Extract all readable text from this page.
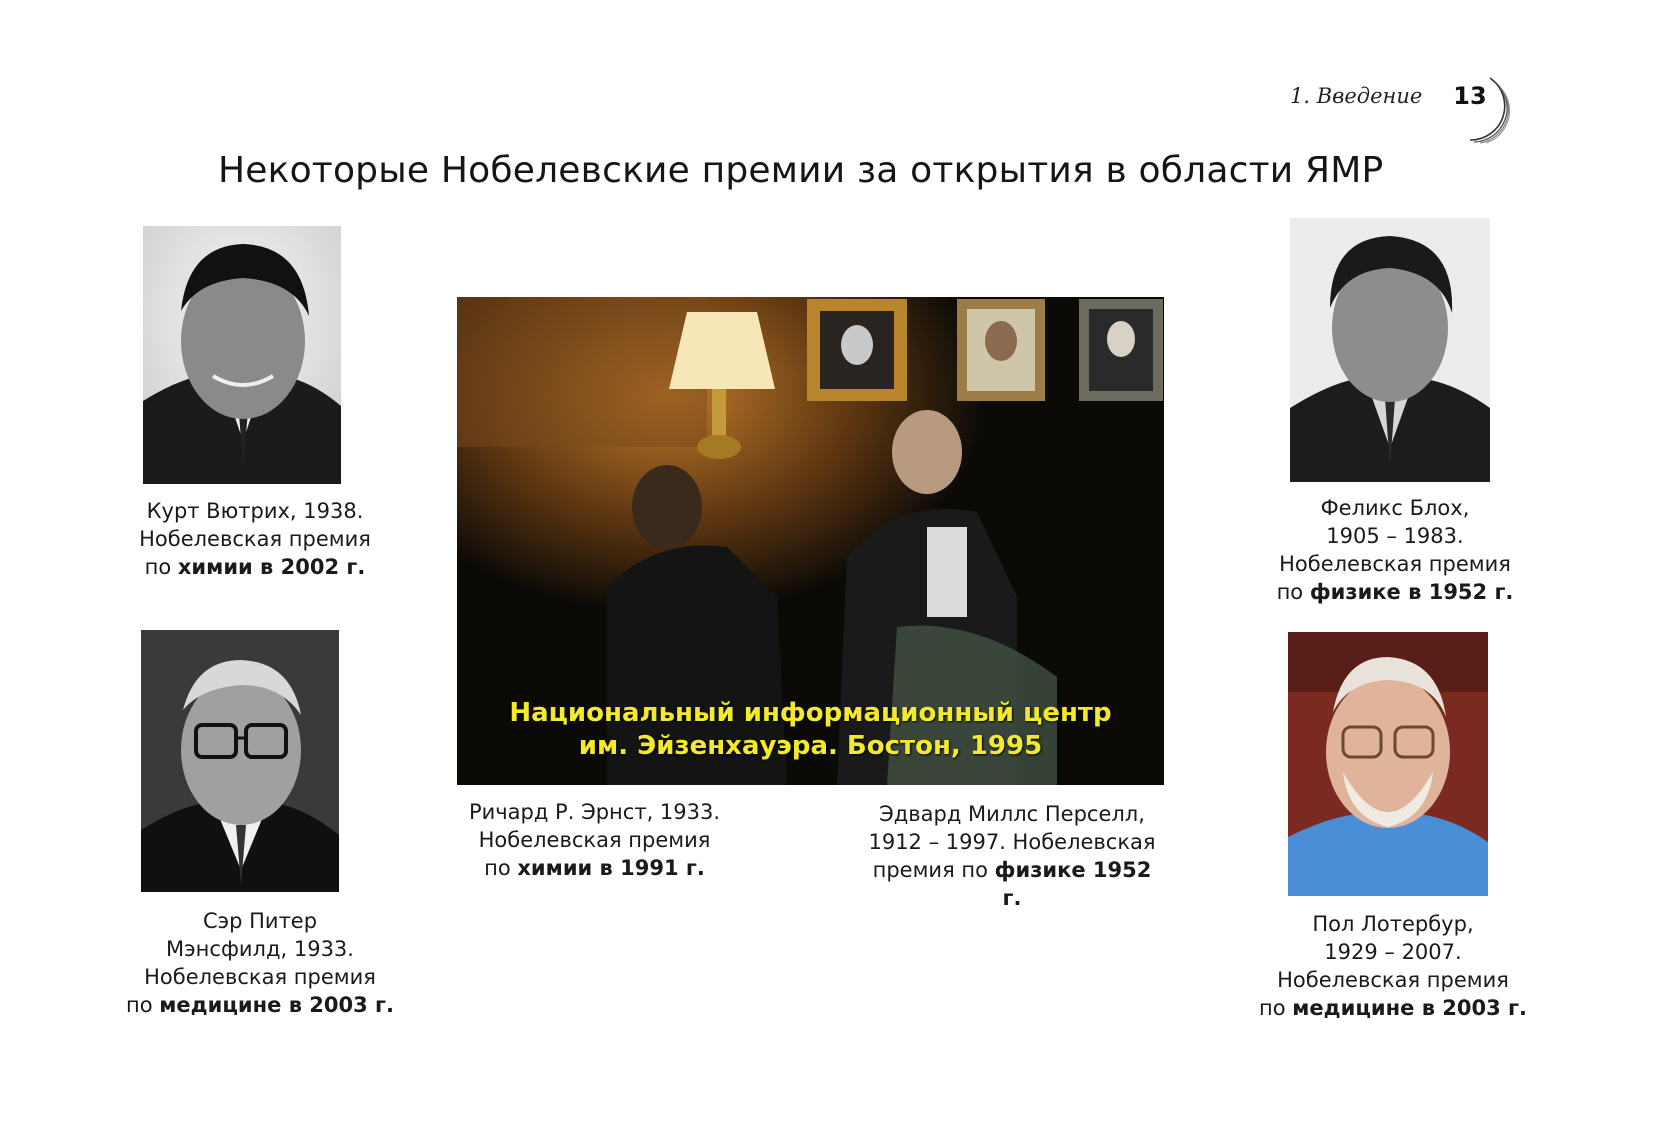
1. Введение	13
Некоторые Нобелевские премии за открытия в области ЯМР
Курт Вютрих, 1938.
Нобелевская премия
по химии в 2002 г.
Сэр Питер
Мэнсфилд, 1933.
Нобелевская премия
по медицине в 2003 г.
Национальный информационный центр
им. Эйзенхауэра. Бостон, 1995
Ричард Р. Эрнст, 1933.
Нобелевская премия
по химии в 1991 г.
Эдвард Миллс Перселл,
1912 – 1997. Нобелевская
премия по физике 1952 г.
Феликс Блох,
1905 – 1983.
Нобелевская премия
по физике в 1952 г.
Пол Лотербур,
1929 – 2007.
Нобелевская премия
по медицине в 2003 г.
